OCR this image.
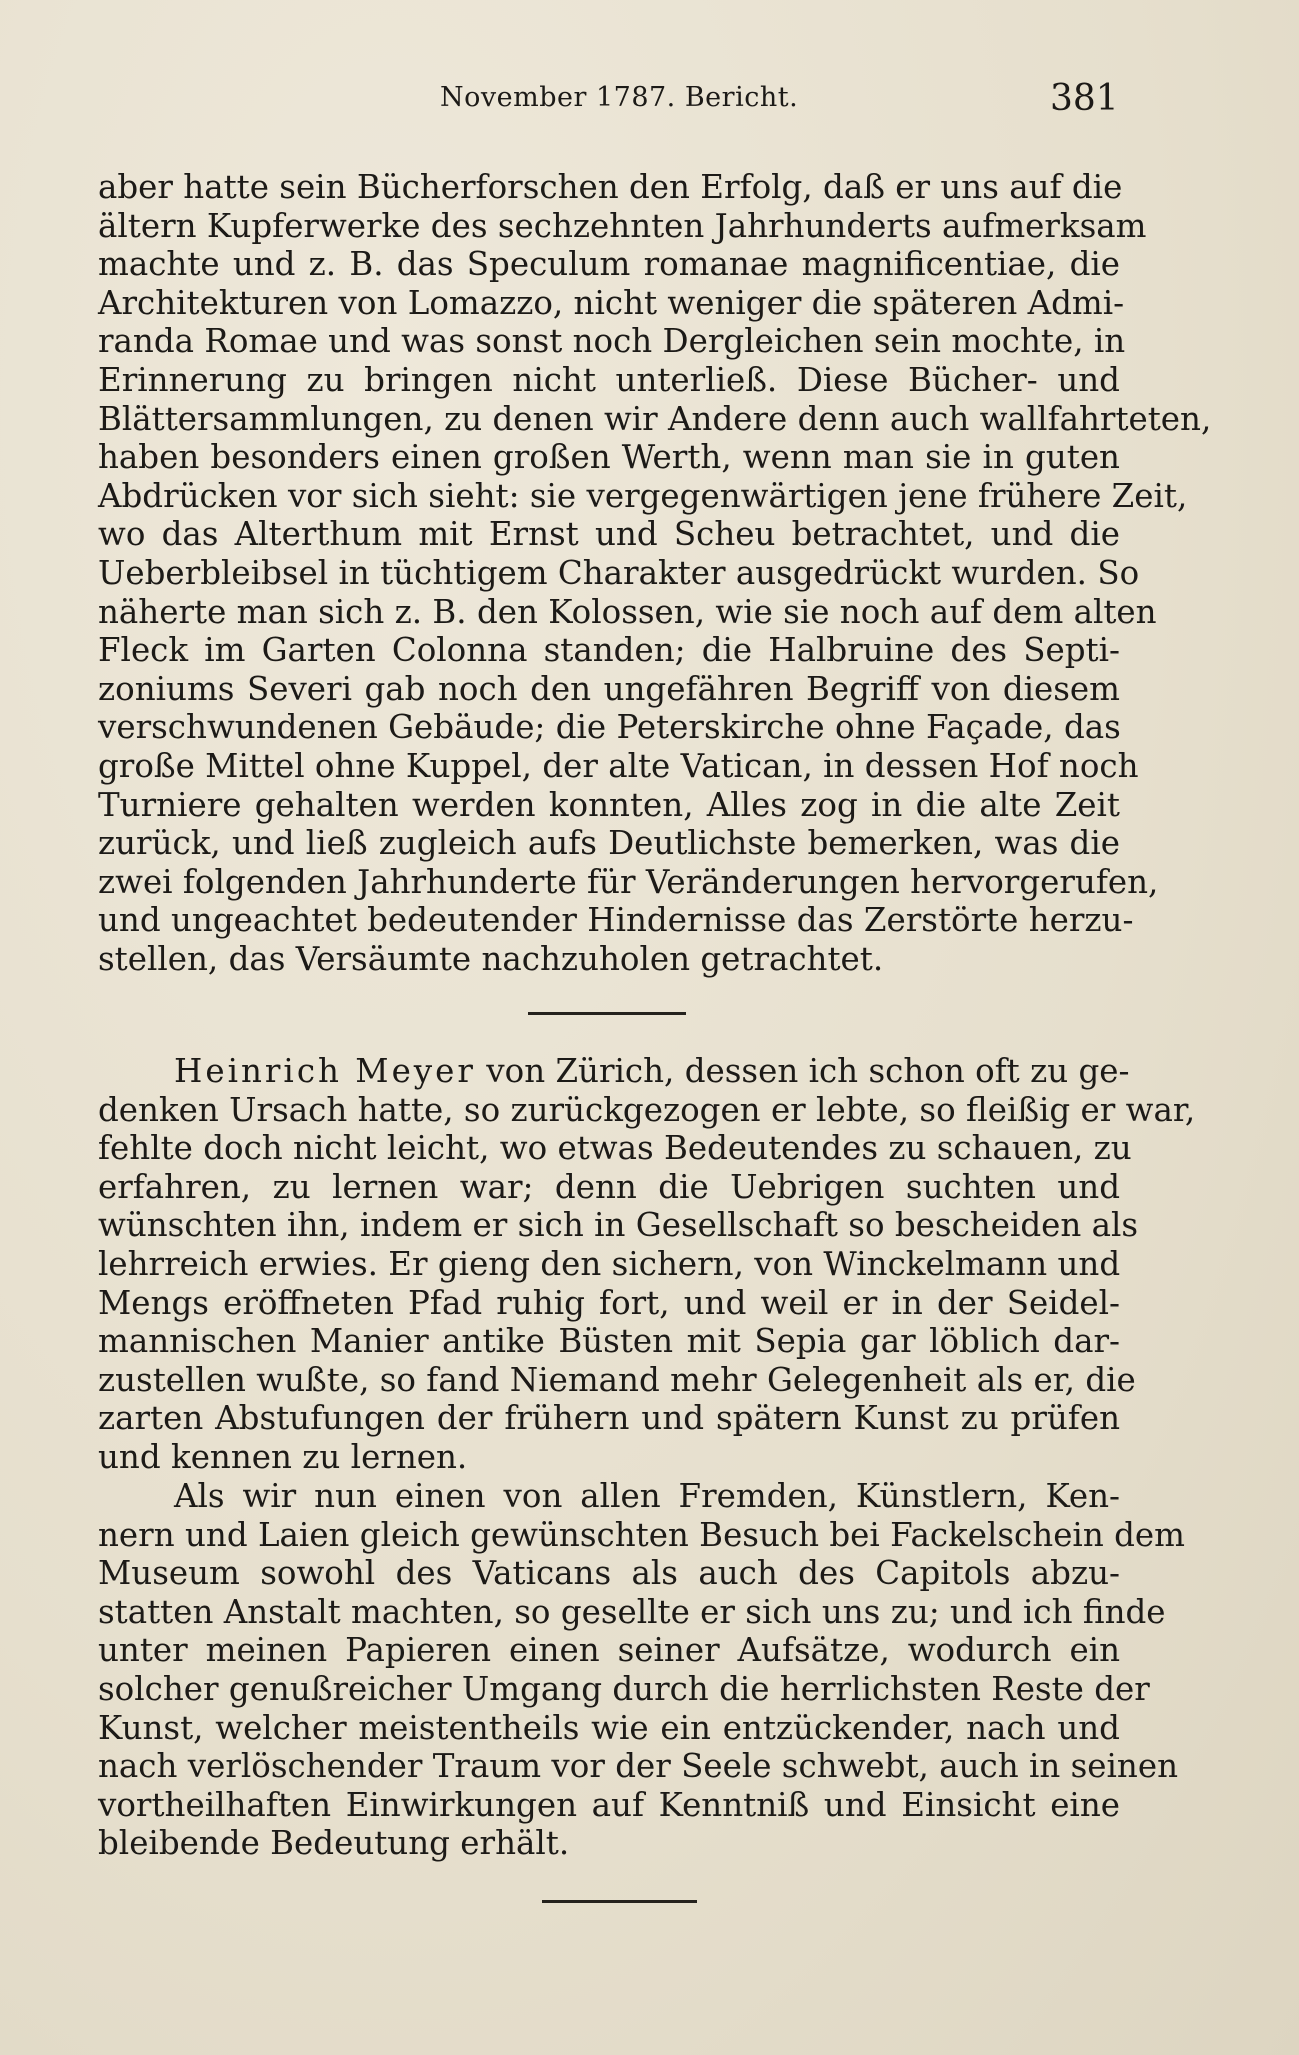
November 1787. Bericht.	381
aber hatte sein Bücherforschen den Erfolg, daß er uns auf die
ältern Kupferwerke des sechzehnten Jahrhunderts aufmerksam
machte und z. B. das Speculum romanae magnificentiae, die
Architekturen von Lomazzo, nicht weniger die späteren Admi-
randa Romae und was sonst noch Dergleichen sein mochte, in
Erinnerung zu bringen nicht unterließ. Diese Bücher- und
Blättersammlungen, zu denen wir Andere denn auch wallfahrteten,
haben besonders einen großen Werth, wenn man sie in guten
Abdrücken vor sich sieht: sie vergegenwärtigen jene frühere Zeit,
wo das Alterthum mit Ernst und Scheu betrachtet, und die
Ueberbleibsel in tüchtigem Charakter ausgedrückt wurden. So
näherte man sich z. B. den Kolossen, wie sie noch auf dem alten
Fleck im Garten Colonna standen; die Halbruine des Septi-
zoniums Severi gab noch den ungefähren Begriff von diesem
verschwundenen Gebäude; die Peterskirche ohne Façade, das
große Mittel ohne Kuppel, der alte Vatican, in dessen Hof noch
Turniere gehalten werden konnten, Alles zog in die alte Zeit
zurück, und ließ zugleich aufs Deutlichste bemerken, was die
zwei folgenden Jahrhunderte für Veränderungen hervorgerufen,
und ungeachtet bedeutender Hindernisse das Zerstörte herzu-
stellen, das Versäumte nachzuholen getrachtet.
Heinrich Meyer von Zürich, dessen ich schon oft zu ge-
denken Ursach hatte, so zurückgezogen er lebte, so fleißig er war,
fehlte doch nicht leicht, wo etwas Bedeutendes zu schauen, zu
erfahren, zu lernen war; denn die Uebrigen suchten und
wünschten ihn, indem er sich in Gesellschaft so bescheiden als
lehrreich erwies. Er gieng den sichern, von Winckelmann und
Mengs eröffneten Pfad ruhig fort, und weil er in der Seidel-
mannischen Manier antike Büsten mit Sepia gar löblich dar-
zustellen wußte, so fand Niemand mehr Gelegenheit als er, die
zarten Abstufungen der frühern und spätern Kunst zu prüfen
und kennen zu lernen.
Als wir nun einen von allen Fremden, Künstlern, Ken-
nern und Laien gleich gewünschten Besuch bei Fackelschein dem
Museum sowohl des Vaticans als auch des Capitols abzu-
statten Anstalt machten, so gesellte er sich uns zu; und ich finde
unter meinen Papieren einen seiner Aufsätze, wodurch ein
solcher genußreicher Umgang durch die herrlichsten Reste der
Kunst, welcher meistentheils wie ein entzückender, nach und
nach verlöschender Traum vor der Seele schwebt, auch in seinen
vortheilhaften Einwirkungen auf Kenntniß und Einsicht eine
bleibende Bedeutung erhält.
